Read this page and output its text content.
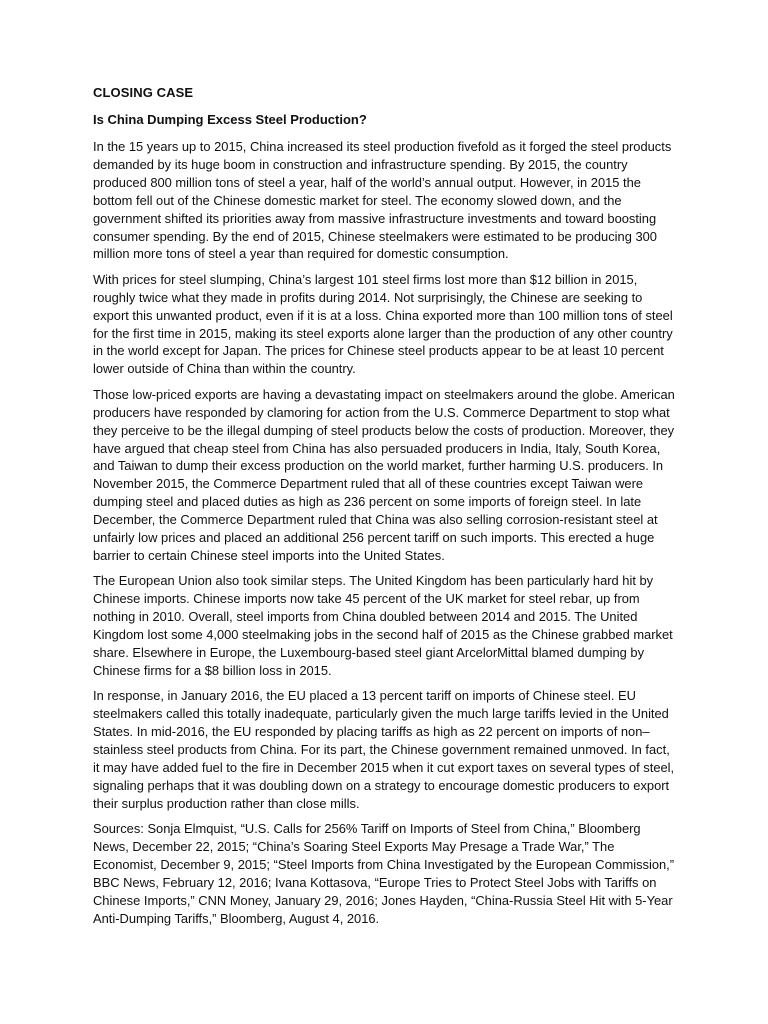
CLOSING CASE
Is China Dumping Excess Steel Production?

In the 15 years up to 2015, China increased its steel production fivefold as it forged the steel products demanded by its huge boom in construction and infrastructure spending. By 2015, the country produced 800 million tons of steel a year, half of the world’s annual output. However, in 2015 the bottom fell out of the Chinese domestic market for steel. The economy slowed down, and the government shifted its priorities away from massive infrastructure investments and toward boosting consumer spending. By the end of 2015, Chinese steelmakers were estimated to be producing 300 million more tons of steel a year than required for domestic consumption.

With prices for steel slumping, China’s largest 101 steel firms lost more than $12 billion in 2015, roughly twice what they made in profits during 2014. Not surprisingly, the Chinese are seeking to export this unwanted product, even if it is at a loss. China exported more than 100 million tons of steel for the first time in 2015, making its steel exports alone larger than the production of any other country in the world except for Japan. The prices for Chinese steel products appear to be at least 10 percent lower outside of China than within the country.

Those low-priced exports are having a devastating impact on steelmakers around the globe. American producers have responded by clamoring for action from the U.S. Commerce Department to stop what they perceive to be the illegal dumping of steel products below the costs of production. Moreover, they have argued that cheap steel from China has also persuaded producers in India, Italy, South Korea, and Taiwan to dump their excess production on the world market, further harming U.S. producers. In November 2015, the Commerce Department ruled that all of these countries except Taiwan were dumping steel and placed duties as high as 236 percent on some imports of foreign steel. In late December, the Commerce Department ruled that China was also selling corrosion-resistant steel at unfairly low prices and placed an additional 256 percent tariff on such imports. This erected a huge barrier to certain Chinese steel imports into the United States.

The European Union also took similar steps. The United Kingdom has been particularly hard hit by Chinese imports. Chinese imports now take 45 percent of the UK market for steel rebar, up from nothing in 2010. Overall, steel imports from China doubled between 2014 and 2015. The United Kingdom lost some 4,000 steelmaking jobs in the second half of 2015 as the Chinese grabbed market share. Elsewhere in Europe, the Luxembourg-based steel giant ArcelorMittal blamed dumping by Chinese firms for a $8 billion loss in 2015.

In response, in January 2016, the EU placed a 13 percent tariff on imports of Chinese steel. EU steelmakers called this totally inadequate, particularly given the much large tariffs levied in the United States. In mid-2016, the EU responded by placing tariffs as high as 22 percent on imports of non–stainless steel products from China. For its part, the Chinese government remained unmoved. In fact, it may have added fuel to the fire in December 2015 when it cut export taxes on several types of steel, signaling perhaps that it was doubling down on a strategy to encourage domestic producers to export their surplus production rather than close mills.

Sources: Sonja Elmquist, “U.S. Calls for 256% Tariff on Imports of Steel from China,” Bloomberg News, December 22, 2015; “China’s Soaring Steel Exports May Presage a Trade War,” The Economist, December 9, 2015; “Steel Imports from China Investigated by the European Commission,” BBC News, February 12, 2016; Ivana Kottasova, “Europe Tries to Protect Steel Jobs with Tariffs on Chinese Imports,” CNN Money, January 29, 2016; Jones Hayden, “China-Russia Steel Hit with 5-Year Anti-Dumping Tariffs,” Bloomberg, August 4, 2016.
